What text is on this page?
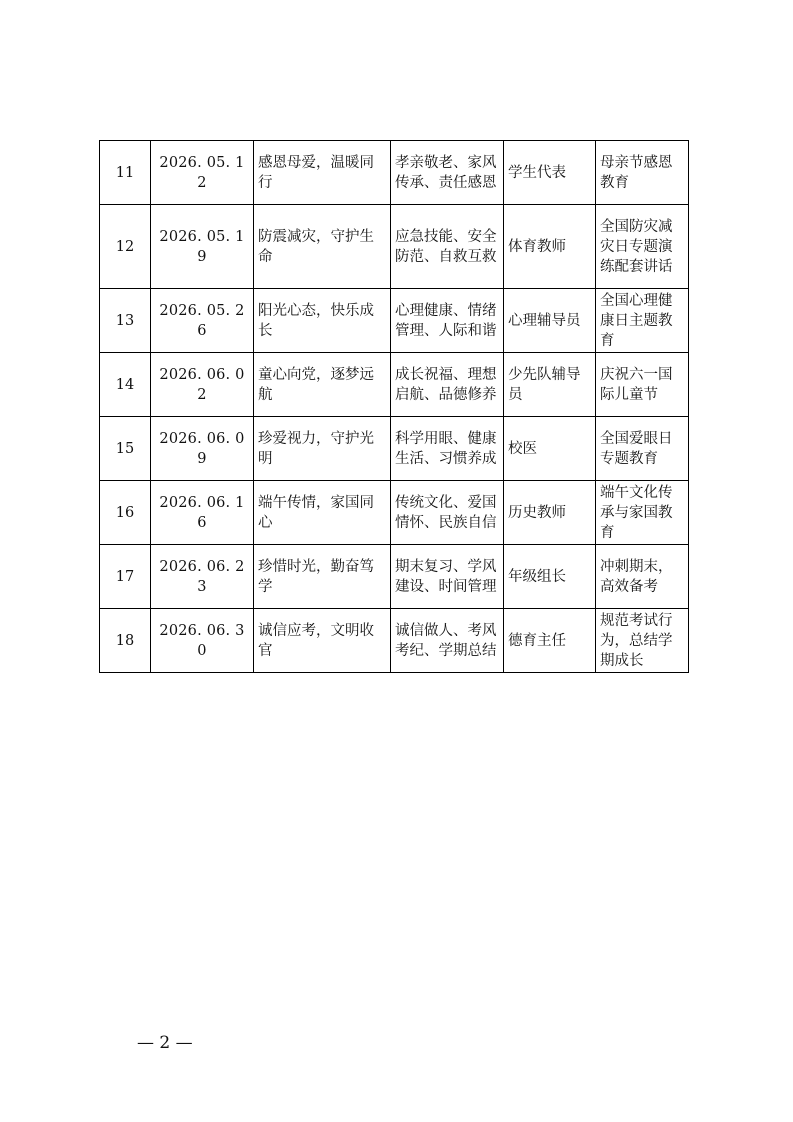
11	2026. 05. 12	感恩母爱，温暖同行	孝亲敬老、家风传承、责任感恩	学生代表	母亲节感恩教育
12	2026. 05. 19	防震减灾，守护生命	应急技能、安全防范、自救互救	体育教师	全国防灾减灾日专题演练配套讲话
13	2026. 05. 26	阳光心态，快乐成长	心理健康、情绪管理、人际和谐	心理辅导员	全国心理健康日主题教育
14	2026. 06. 02	童心向党，逐梦远航	成长祝福、理想启航、品德修养	少先队辅导员	庆祝六一国际儿童节
15	2026. 06. 09	珍爱视力，守护光明	科学用眼、健康生活、习惯养成	校医	全国爱眼日专题教育
16	2026. 06. 16	端午传情，家国同心	传统文化、爱国情怀、民族自信	历史教师	端午文化传承与家国教育
17	2026. 06. 23	珍惜时光，勤奋笃学	期末复习、学风建设、时间管理	年级组长	冲刺期末，高效备考
18	2026. 06. 30	诚信应考，文明收官	诚信做人、考风考纪、学期总结	德育主任	规范考试行为，总结学期成长
— 2 —
